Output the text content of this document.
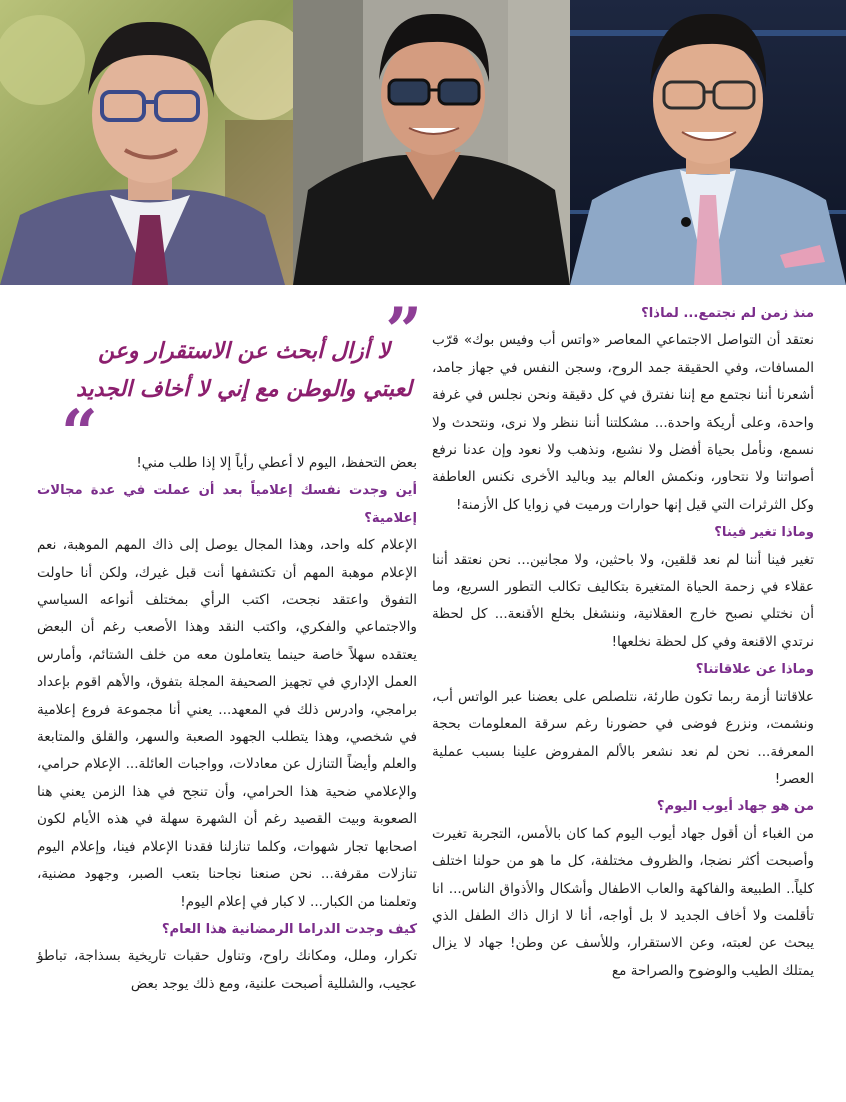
”
لا أزال أبحث عن الاستقرار وعن لعبتي والوطن مع إني لا أخاف الجديد
“

منذ زمن لم نجتمع... لماذا؟

نعتقد أن التواصل الاجتماعي المعاصر «واتس أب وفيس بوك» قرّب المسافات، وفي الحقيقة جمد الروح، وسجن النفس في جهاز جامد، أشعرنا أننا نجتمع مع إننا نفترق في كل دقيقة ونحن نجلس في غرفة واحدة، وعلى أريكة واحدة... مشكلتنا أننا ننظر ولا نرى، ونتحدث ولا نسمع، ونأمل بحياة أفضل ولا نشبع، ونذهب ولا نعود وإن عدنا نرفع أصواتنا ولا نتحاور، ونكمش العالم بيد وباليد الأخرى نكنس العاطفة وكل الثرثرات التي قيل إنها حوارات ورميت في زوايا كل الأزمنة!

وماذا تغير فينا؟

تغير فينا أننا لم نعد قلقين، ولا باحثين، ولا مجانين... نحن نعتقد أننا عقلاء في زحمة الحياة المتغيرة بتكاليف تكالب التطور السريع، وما أن نختلي نصبح خارج العقلانية، وننشغل بخلع الأقنعة... كل لحظة نرتدي الاقنعة وفي كل لحظة نخلعها!

وماذا عن علاقاتنا؟

علاقاتنا أزمة ربما تكون طارئة، نتلصلص على بعضنا عبر الواتس أب، ونشمت، ونزرع فوضى في حضورنا رغم سرقة المعلومات بحجة المعرفة... نحن لم نعد نشعر بالألم المفروض علينا بسبب عملية العصر!

من هو جهاد أيوب اليوم؟

من الغباء أن أقول جهاد أيوب اليوم كما كان بالأمس، التجربة تغيرت وأصبحت أكثر نضجا، والظروف مختلفة، كل ما هو من حولنا اختلف كلياً.. الطبيعة والفاكهة والعاب الاطفال وأشكال والأذواق الناس... انا تأقلمت ولا أخاف الجديد لا بل أواجه، أنا لا ازال ذاك الطفل الذي يبحث عن لعبته، وعن الاستقرار، وللأسف عن وطن! جهاد لا يزال يمتلك الطيب والوضوح والصراحة مع

بعض التحفظ، اليوم لا أعطي رأياً إلا إذا طلب مني!

أين وجدت نفسك إعلامياً بعد أن عملت في عدة مجالات إعلامية؟

الإعلام كله واحد، وهذا المجال يوصل إلى ذاك المهم الموهبة، نعم الإعلام موهبة المهم أن تكتشفها أنت قبل غيرك، ولكن أنا حاولت التفوق واعتقد نجحت، اكتب الرأي بمختلف أنواعه السياسي والاجتماعي والفكري، واكتب النقد وهذا الأصعب رغم أن البعض يعتقده سهلاً خاصة حينما يتعاملون معه من خلف الشتائم، وأمارس العمل الإداري في تجهيز الصحيفة المجلة بتفوق، والأهم اقوم بإعداد برامجي، وادرس ذلك في المعهد... يعني أنا مجموعة فروع إعلامية في شخصي، وهذا يتطلب الجهود الصعبة والسهر، والقلق والمتابعة والعلم وأيضاً التنازل عن معادلات، وواجبات العائلة... الإعلام حرامي، والإعلامي ضحية هذا الحرامي، وأن تنجح في هذا الزمن يعني هنا الصعوبة وبيت القصيد رغم أن الشهرة سهلة في هذه الأيام لكون اصحابها تجار شهوات، وكلما تنازلنا فقدنا الإعلام فينا، وإعلام اليوم تنازلات مقرفة... نحن صنعنا نجاحنا بتعب الصبر، وجهود مضنية، وتعلمنا من الكبار... لا كبار في إعلام اليوم!

كيف وجدت الدراما الرمضانية هذا العام؟

تكرار، وملل، ومكانك راوح، وتناول حقبات تاريخية بسذاجة، تباطؤ عجيب، والشللية أصبحت علنية، ومع ذلك يوجد بعض
